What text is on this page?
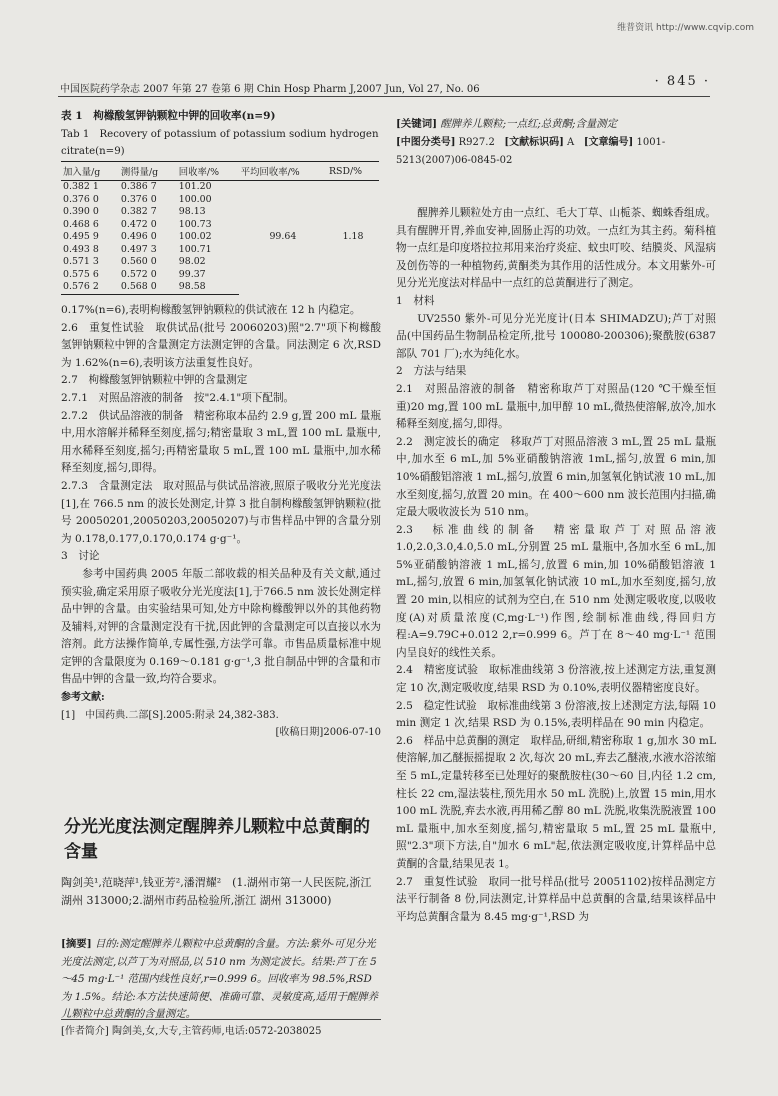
维普资讯 http://www.cqvip.com
中国医院药学杂志 2007 年第 27 卷第 6 期 Chin Hosp Pharm J,2007 Jun, Vol 27, No. 06
· 845 ·
表 1　枸橼酸氢钾钠颗粒中钾的回收率(n=9)
Tab 1　Recovery of potassium of potassium sodium hydrogen citrate(n=9)
加入量/g	测得量/g	回收率/%	平均回收率/%	RSD/%
0.382 1	0.386 7	101.20	99.64	1.18
0.376 0	0.376 0	100.00		
0.390 0	0.382 7	98.13		
0.468 6	0.472 0	100.73		
0.495 9	0.496 0	100.02		
0.493 8	0.497 3	100.71		
0.571 3	0.560 0	98.02		
0.575 6	0.572 0	99.37		
0.576 2	0.568 0	98.58		

0.17%(n=6),表明枸橼酸氢钾钠颗粒的供试液在 12 h 内稳定。

2.6　重复性试验　取供试品(批号 20060203)照"2.7"项下枸橼酸氢钾钠颗粒中钾的含量测定方法测定钾的含量。同法测定 6 次,RSD 为 1.62%(n=6),表明该方法重复性良好。

2.7　枸橼酸氢钾钠颗粒中钾的含量测定

2.7.1　对照品溶液的制备　按"2.4.1"项下配制。

2.7.2　供试品溶液的制备　精密称取本品约 2.9 g,置 200 mL 量瓶中,用水溶解并稀释至刻度,摇匀;精密量取 3 mL,置 100 mL 量瓶中,用水稀释至刻度,摇匀;再精密量取 5 mL,置 100 mL 量瓶中,加水稀释至刻度,摇匀,即得。

2.7.3　含量测定法　取对照品与供试品溶液,照原子吸收分光光度法[1],在 766.5 nm 的波长处测定,计算 3 批自制枸橼酸氢钾钠颗粒(批号 20050201,20050203,20050207)与市售样品中钾的含量分别为 0.178,0.177,0.170,0.174 g·g⁻¹。

3　讨论

参考中国药典 2005 年版二部收载的相关品种及有关文献,通过预实验,确定采用原子吸收分光光度法[1],于766.5 nm 波长处测定样品中钾的含量。由实验结果可知,处方中除枸橼酸钾以外的其他药物及辅料,对钾的含量测定没有干扰,因此钾的含量测定可以直接以水为溶剂。此方法操作简单,专属性强,方法学可靠。市售品质量标准中规定钾的含量限度为 0.169～0.181 g·g⁻¹,3 批自制品中钾的含量和市售品中钾的含量一致,均符合要求。

参考文献:

[1]　中国药典.二部[S].2005:附录 24,382-383.

[收稿日期]2006-07-10

分光光度法测定醒脾养儿颗粒中总黄酮的含量
陶剑美¹,范晓萍¹,钱亚芳²,潘渭耀²　(1.湖州市第一人民医院,浙江 湖州 313000;2.湖州市药品检验所,浙江 湖州 313000)
[摘要] 目的:测定醒脾养儿颗粒中总黄酮的含量。方法:紫外-可见分光光度法测定,以芦丁为对照品,以 510 nm 为测定波长。结果:芦丁在 5～45 mg·L⁻¹ 范围内线性良好,r=0.999 6。回收率为 98.5%,RSD 为 1.5%。结论:本方法快速简便、准确可靠、灵敏度高,适用于醒脾养儿颗粒中总黄酮的含量测定。
[作者简介] 陶剑美,女,大专,主管药师,电话:0572-2038025
[关键词] 醒脾养儿颗粒;一点红;总黄酮;含量测定
[中图分类号] R927.2 [文献标识码] A [文章编号] 1001-5213(2007)06-0845-02

醒脾养儿颗粒处方由一点红、毛大丁草、山栀茶、蜘蛛香组成。具有醒脾开胃,养血安神,固肠止泻的功效。一点红为其主药。菊科植物一点红是印度塔拉拉邦用来治疗炎症、蚊虫叮咬、结膜炎、风湿病及创伤等的一种植物药,黄酮类为其作用的活性成分。本文用紫外-可见分光光度法对样品中一点红的总黄酮进行了测定。

1　材料

UV2550 紫外-可见分光光度计(日本 SHIMADZU);芦丁对照品(中国药品生物制品检定所,批号 100080-200306);聚酰胺(6387 部队 701 厂);水为纯化水。

2　方法与结果

2.1　对照品溶液的制备　精密称取芦丁对照品(120 ℃干燥至恒重)20 mg,置 100 mL 量瓶中,加甲醇 10 mL,微热使溶解,放冷,加水稀释至刻度,摇匀,即得。

2.2　测定波长的确定　移取芦丁对照品溶液 3 mL,置 25 mL 量瓶中,加水至 6 mL,加 5%亚硝酸钠溶液 1mL,摇匀,放置 6 min,加 10%硝酸铝溶液 1 mL,摇匀,放置 6 min,加氢氧化钠试液 10 mL,加水至刻度,摇匀,放置 20 min。在 400～600 nm 波长范围内扫描,确定最大吸收波长为 510 nm。

2.3　标准曲线的制备　精密量取芦丁对照品溶液 1.0,2.0,3.0,4.0,5.0 mL,分别置 25 mL 量瓶中,各加水至 6 mL,加 5%亚硝酸钠溶液 1 mL,摇匀,放置 6 min,加 10%硝酸铝溶液 1 mL,摇匀,放置 6 min,加氢氧化钠试液 10 mL,加水至刻度,摇匀,放置 20 min,以相应的试剂为空白,在 510 nm 处测定吸收度,以吸收度(A)对质量浓度(C,mg·L⁻¹)作图,绘制标准曲线,得回归方程:A=9.79C+0.012 2,r=0.999 6。芦丁在 8～40 mg·L⁻¹ 范围内呈良好的线性关系。

2.4　精密度试验　取标准曲线第 3 份溶液,按上述测定方法,重复测定 10 次,测定吸收度,结果 RSD 为 0.10%,表明仪器精密度良好。

2.5　稳定性试验　取标准曲线第 3 份溶液,按上述测定方法,每隔 10 min 测定 1 次,结果 RSD 为 0.15%,表明样品在 90 min 内稳定。

2.6　样品中总黄酮的测定　取样品,研细,精密称取 1 g,加水 30 mL 使溶解,加乙醚振摇提取 2 次,每次 20 mL,弃去乙醚液,水液水浴浓缩至 5 mL,定量转移至已处理好的聚酰胺柱(30～60 目,内径 1.2 cm,柱长 22 cm,湿法装柱,预先用水 50 mL 洗脱)上,放置 15 min,用水 100 mL 洗脱,弃去水液,再用稀乙醇 80 mL 洗脱,收集洗脱液置 100 mL 量瓶中,加水至刻度,摇匀,精密量取 5 mL,置 25 mL 量瓶中,照"2.3"项下方法,自"加水 6 mL"起,依法测定吸收度,计算样品中总黄酮的含量,结果见表 1。

2.7　重复性试验　取同一批号样品(批号 20051102)按样品测定方法平行制备 8 份,同法测定,计算样品中总黄酮的含量,结果该样品中平均总黄酮含量为 8.45 mg·g⁻¹,RSD 为
